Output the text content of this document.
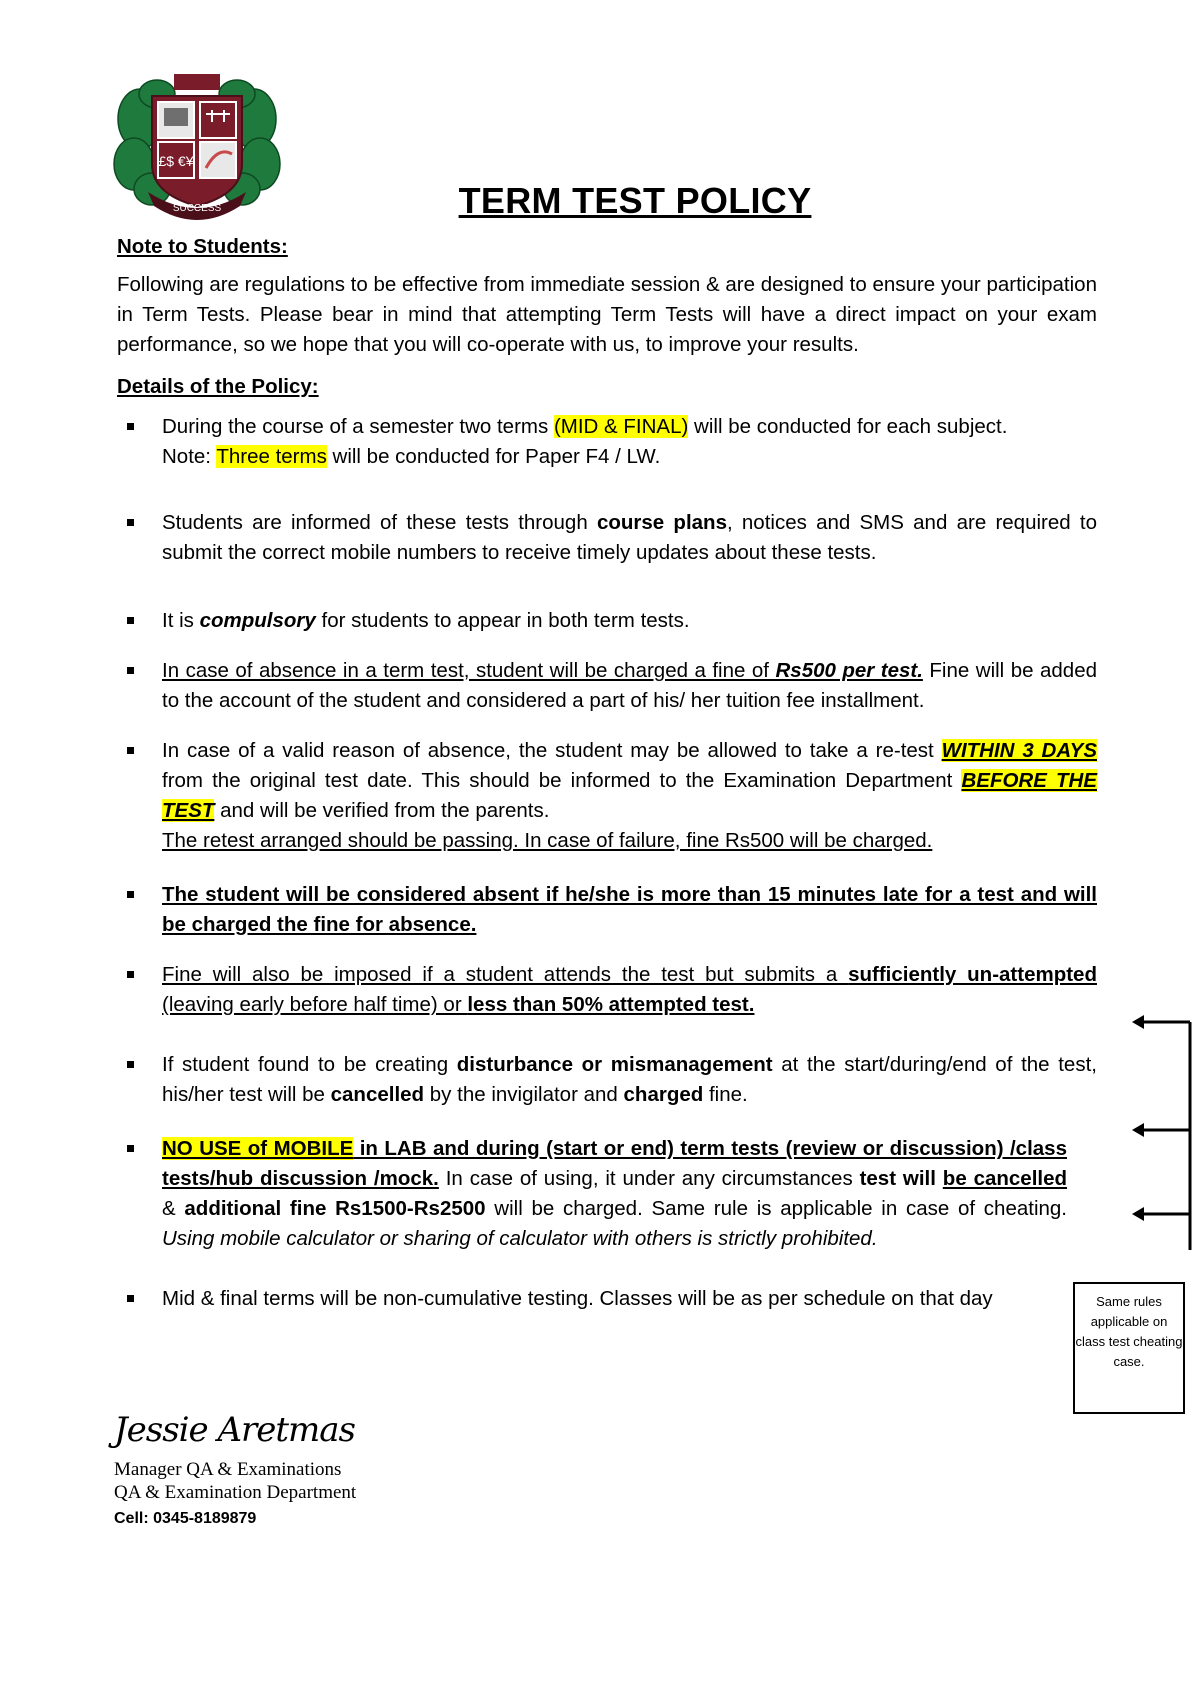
£$ €¥
SUCCESS	TERM TEST POLICY
Note to Students:
Following are regulations to be effective from immediate session & are designed to ensure your participation in Term Tests. Please bear in mind that attempting Term Tests will have a direct impact on your exam performance, so we hope that you will co-operate with us, to improve your results.
Details of the Policy:
During the course of a semester two terms (MID & FINAL) will be conducted for each subject.
Note: Three terms will be conducted for Paper F4 / LW.
Students are informed of these tests through course plans, notices and SMS and are required to submit the correct mobile numbers to receive timely updates about these tests.
It is compulsory for students to appear in both term tests.
In case of absence in a term test, student will be charged a fine of Rs500 per test. Fine will be added to the account of the student and considered a part of his/ her tuition fee installment.
In case of a valid reason of absence, the student may be allowed to take a re-test WITHIN 3 DAYS from the original test date. This should be informed to the Examination Department BEFORE THE TEST and will be verified from the parents.
The retest arranged should be passing. In case of failure, fine Rs500 will be charged.
The student will be considered absent if he/she is more than 15 minutes late for a test and will be charged the fine for absence.
Fine will also be imposed if a student attends the test but submits a sufficiently un-attempted (leaving early before half time) or less than 50% attempted test.
If student found to be creating disturbance or mismanagement at the start/during/end of the test, his/her test will be cancelled by the invigilator and charged fine.
NO USE of MOBILE in LAB and during (start or end) term tests (review or discussion) /class tests/hub discussion /mock. In case of using, it under any circumstances test will be cancelled & additional fine Rs1500-Rs2500 will be charged. Same rule is applicable in case of cheating. Using mobile calculator or sharing of calculator with others is strictly prohibited.
Mid & final terms will be non-cumulative testing. Classes will be as per schedule on that day	Same rules applicable on class test cheating case.
Jessie Aretmas
Manager QA & Examinations
QA & Examination Department
Cell: 0345-8189879
